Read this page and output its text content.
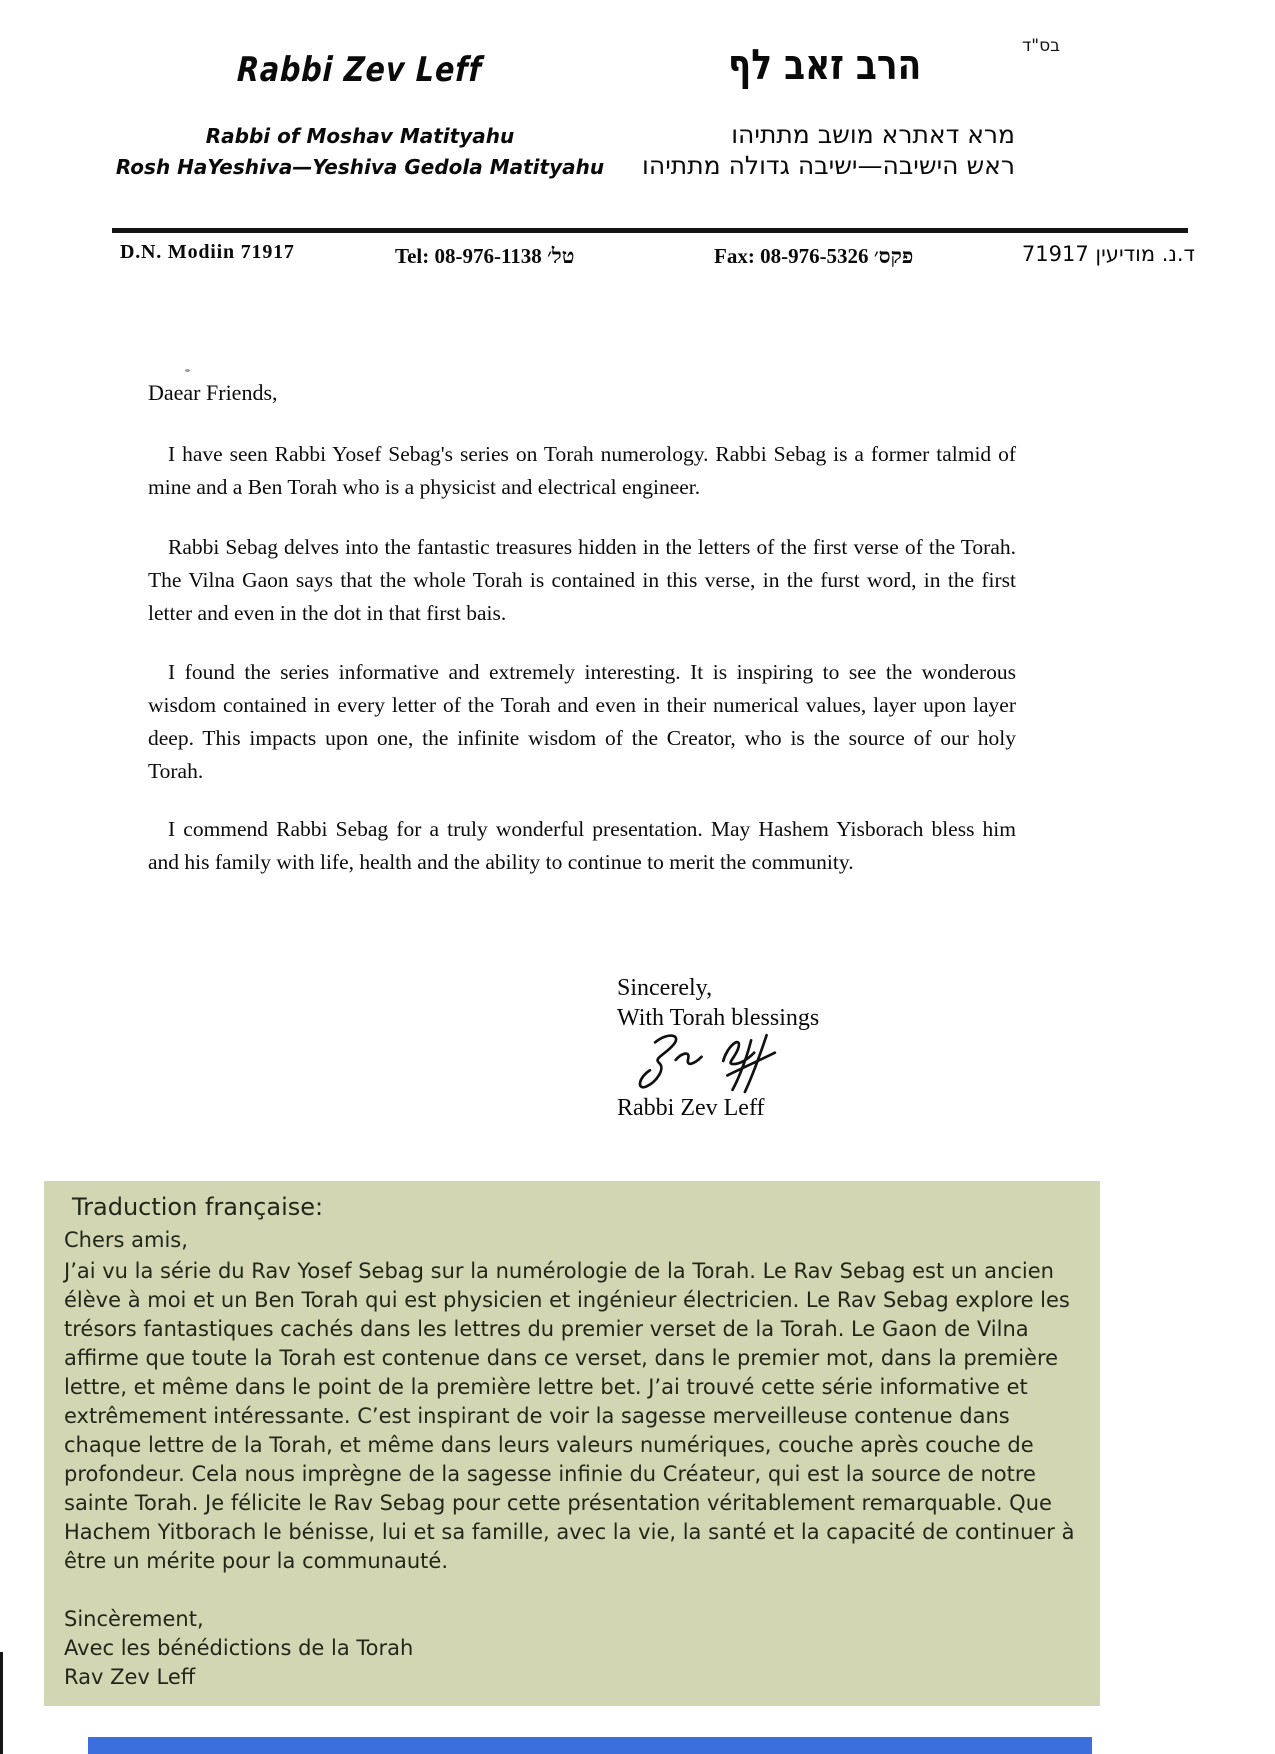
בס"ד
Rabbi Zev Leff	הרב זאב לף
Rabbi of Moshav Matityahu
Rosh HaYeshiva—Yeshiva Gedola Matityahu
מרא דאתרא מושב מתתיהו
ראש הישיבה—ישיבה גדולה מתתיהו
D.N. Modiin 71917	Tel: 08-976-1138 טל׳	Fax: 08-976-5326 פקס׳	ד.נ. מודיעין 71917
Daear Friends,

I have seen Rabbi Yosef Sebag's series on Torah numerology. Rabbi Sebag is a former talmid of mine and a Ben Torah who is a physicist and electrical engineer.

Rabbi Sebag delves into the fantastic treasures hidden in the letters of the first verse of the Torah. The Vilna Gaon says that the whole Torah is contained in this verse, in the furst word, in the first letter and even in the dot in that first bais.

I found the series informative and extremely interesting. It is inspiring to see the wonderous wisdom contained in every letter of the Torah and even in their numerical values, layer upon layer deep. This impacts upon one, the infinite wisdom of the Creator, who is the source of our holy Torah.

I commend Rabbi Sebag for a truly wonderful presentation. May Hashem Yisborach bless him and his family with life, health and the ability to continue to merit the community.

Sincerely,
With Torah blessings
Rabbi Zev Leff
Traduction française:
Chers amis,
J’ai vu la série du Rav Yosef Sebag sur la numérologie de la Torah. Le Rav Sebag est un ancien élève à moi et un Ben Torah qui est physicien et ingénieur électricien. Le Rav Sebag explore les trésors fantastiques cachés dans les lettres du premier verset de la Torah. Le Gaon de Vilna affirme que toute la Torah est contenue dans ce verset, dans le premier mot, dans la première lettre, et même dans le point de la première lettre bet. J’ai trouvé cette série informative et extrêmement intéressante. C’est inspirant de voir la sagesse merveilleuse contenue dans chaque lettre de la Torah, et même dans leurs valeurs numériques, couche après couche de profondeur. Cela nous imprègne de la sagesse infinie du Créateur, qui est la source de notre sainte Torah. Je félicite le Rav Sebag pour cette présentation véritablement remarquable. Que Hachem Yitborach le bénisse, lui et sa famille, avec la vie, la santé et la capacité de continuer à être un mérite pour la communauté.
Sincèrement,
Avec les bénédictions de la Torah
Rav Zev Leff
